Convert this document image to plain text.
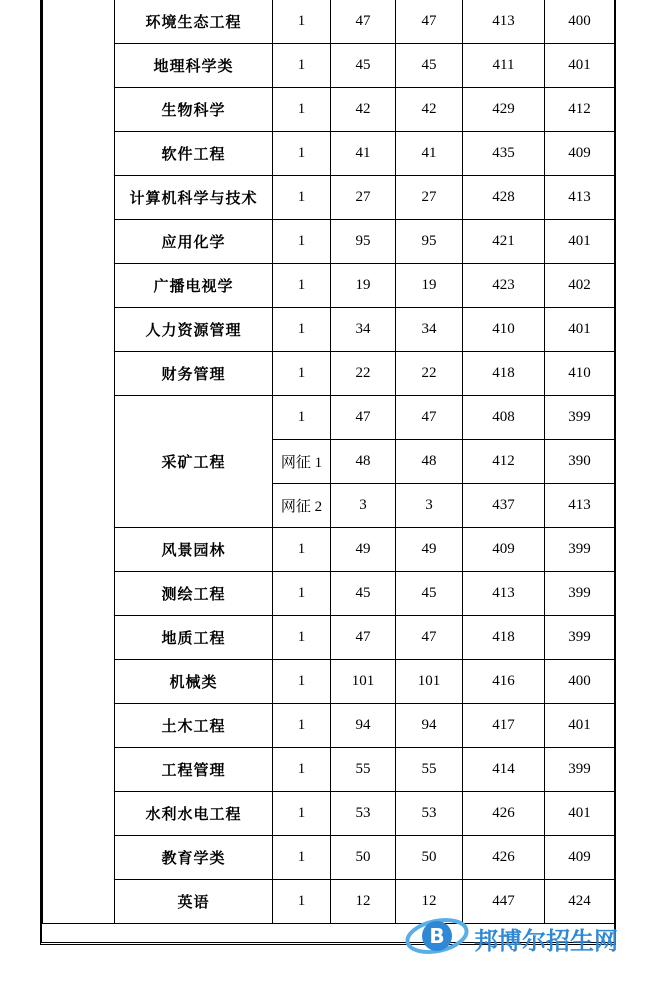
	环境生态工程	1	47	47	413	400
	地理科学类	1	45	45	411	401
	生物科学	1	42	42	429	412
	软件工程	1	41	41	435	409
	计算机科学与技术	1	27	27	428	413
	应用化学	1	95	95	421	401
	广播电视学	1	19	19	423	402
	人力资源管理	1	34	34	410	401
	财务管理	1	22	22	418	410
	采矿工程	1	47	47	408	399
		网征 1	48	48	412	390
		网征 2	3	3	437	413
	风景园林	1	49	49	409	399
	测绘工程	1	45	45	413	399
	地质工程	1	47	47	418	399
	机械类	1	101	101	416	400
	土木工程	1	94	94	417	401
	工程管理	1	55	55	414	399
	水利水电工程	1	53	53	426	401
	教育学类	1	50	50	426	409
	英语	1	12	12	447	424
B 邦博尔招生网
